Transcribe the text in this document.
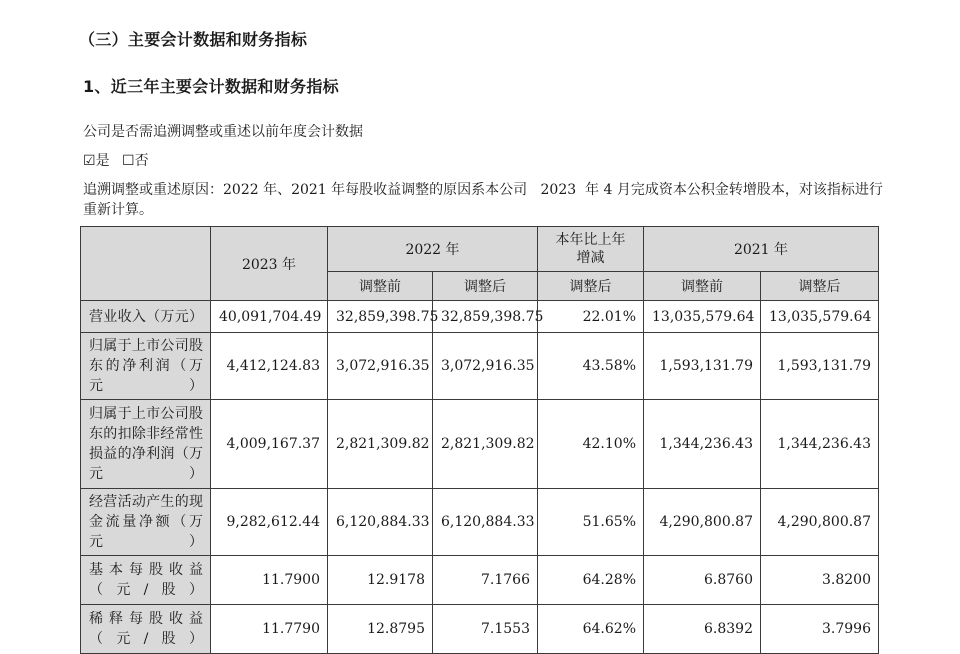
（三）主要会计数据和财务指标
1、近三年主要会计数据和财务指标
公司是否需追溯调整或重述以前年度会计数据
☑是 ☐否
追溯调整或重述原因：2022 年、2021 年每股收益调整的原因系本公司   2023  年 4 月完成资本公积金转增股本，对该指标进行重新计算。
	2023 年	2022 年		本年比上年增减	2021 年	
		调整前	调整后	调整后	调整前	调整后
营业收入（万元）	40,091,704.49	32,859,398.75	32,859,398.75	22.01%	13,035,579.64	13,035,579.64
归属于上市公司股东的净利润（万元）	4,412,124.83	3,072,916.35	3,072,916.35	43.58%	1,593,131.79	1,593,131.79
归属于上市公司股东的扣除非经常性损益的净利润（万元）	4,009,167.37	2,821,309.82	2,821,309.82	42.10%	1,344,236.43	1,344,236.43
经营活动产生的现金流量净额（万元）	9,282,612.44	6,120,884.33	6,120,884.33	51.65%	4,290,800.87	4,290,800.87
基本每股收益（元/股）	11.7900	12.9178	7.1766	64.28%	6.8760	3.8200
稀释每股收益（元/股）	11.7790	12.8795	7.1553	64.62%	6.8392	3.7996
